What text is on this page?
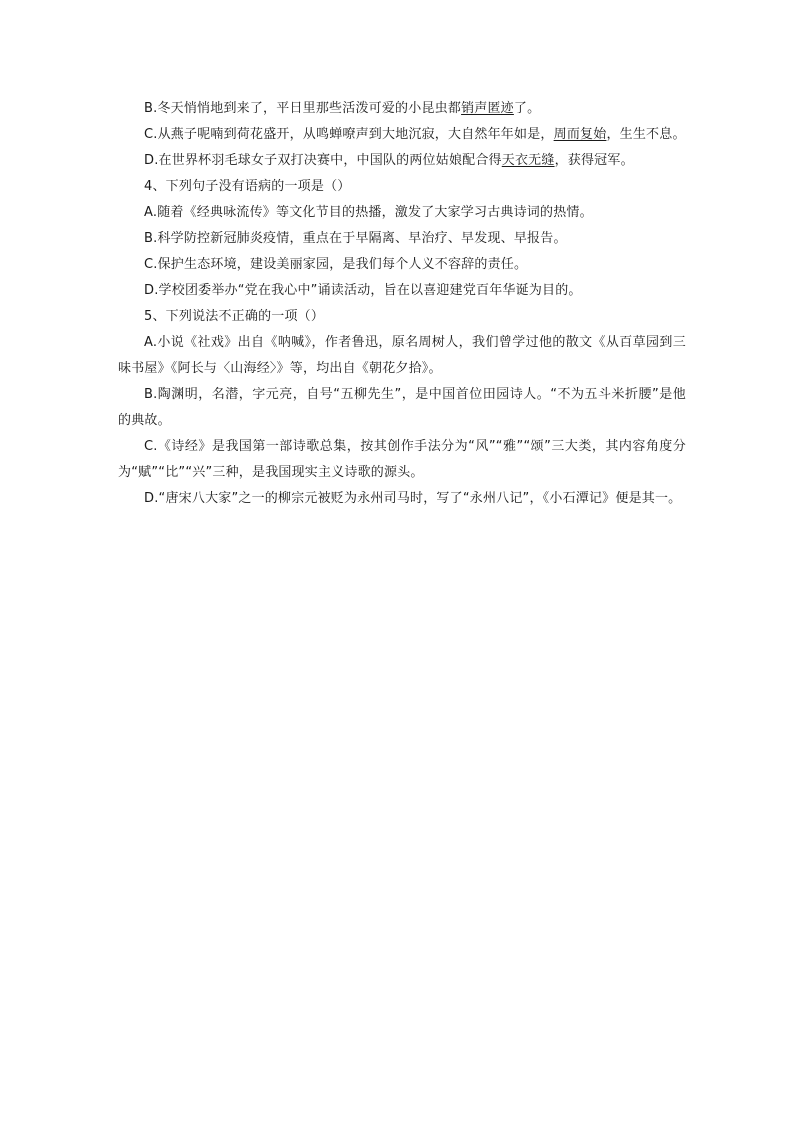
B.冬天悄悄地到来了，平日里那些活泼可爱的小昆虫都销声匿迹了。

C.从燕子呢喃到荷花盛开，从鸣蝉嘹声到大地沉寂，大自然年年如是，周而复始，生生不息。

D.在世界杯羽毛球女子双打决赛中，中国队的两位姑娘配合得天衣无缝，获得冠军。

4、下列句子没有语病的一项是（）

A.随着《经典咏流传》等文化节目的热播，激发了大家学习古典诗词的热情。

B.科学防控新冠肺炎疫情，重点在于早隔离、早治疗、早发现、早报告。

C.保护生态环境，建设美丽家园，是我们每个人义不容辞的责任。

D.学校团委举办“党在我心中”诵读活动，旨在以喜迎建党百年华诞为目的。

5、下列说法不正确的一项（）

A.小说《社戏》出自《呐喊》，作者鲁迅，原名周树人，我们曾学过他的散文《从百草园到三味书屋》《阿长与〈山海经〉》等，均出自《朝花夕拾》。

B.陶渊明，名潜，字元亮，自号“五柳先生”，是中国首位田园诗人。“不为五斗米折腰”是他的典故。

C.《诗经》是我国第一部诗歌总集，按其创作手法分为“风”“雅”“颂”三大类，其内容角度分为“赋”“比”“兴”三种，是我国现实主义诗歌的源头。

D.“唐宋八大家”之一的柳宗元被贬为永州司马时，写了“永州八记”，《小石潭记》便是其一。
